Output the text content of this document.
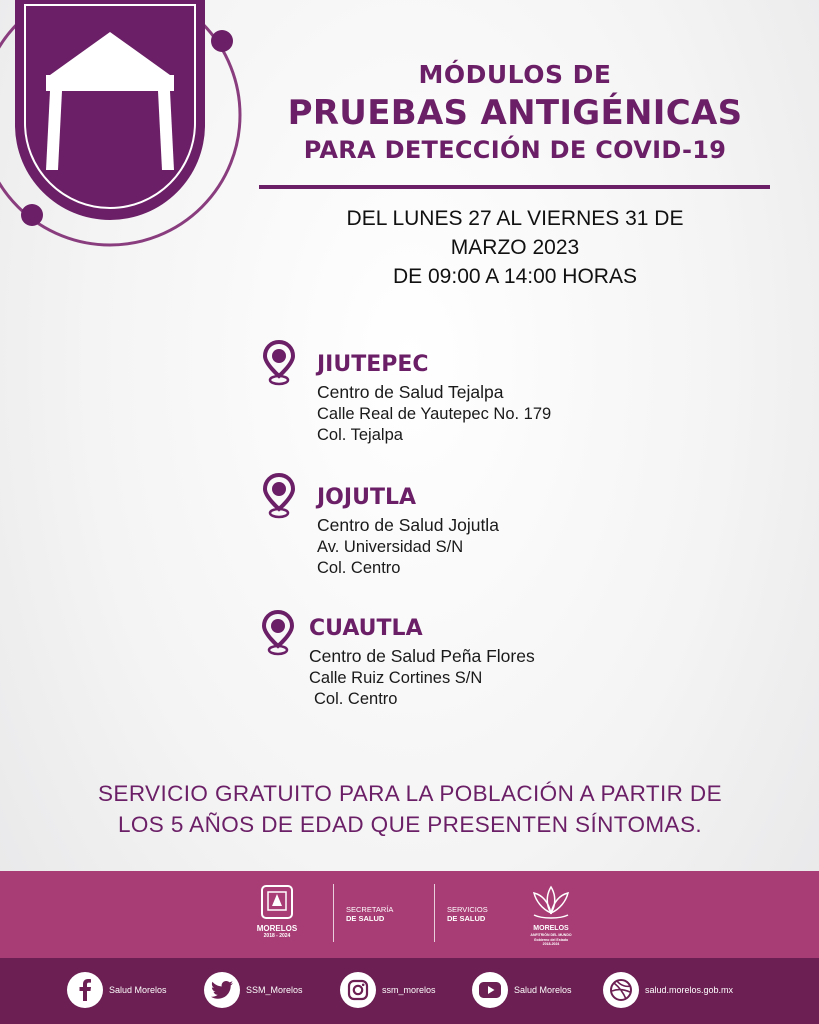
MÓDULOS DE
PRUEBAS ANTIGÉNICAS
PARA DETECCIÓN DE COVID-19
DEL LUNES 27 AL VIERNES 31 DE
MARZO 2023
DE 09:00 A 14:00 HORAS
JIUTEPEC
Centro de Salud Tejalpa
Calle Real de Yautepec No. 179
Col. Tejalpa
JOJUTLA
Centro de Salud Jojutla
Av. Universidad S/N
Col. Centro
CUAUTLA
Centro de Salud Peña Flores
Calle Ruiz Cortines S/N
Col. Centro
SERVICIO GRATUITO PARA LA POBLACIÓN A PARTIR DE
LOS 5 AÑOS DE EDAD QUE PRESENTEN SÍNTOMAS.
MORELOS
2018 - 2024
SECRETARÍA
DE SALUD
SERVICIOS
DE SALUD
MORELOS
ANFITRIÓN DEL MUNDO
Gobierno del Estado
2018-2024
Salud Morelos	SSM_Morelos	ssm_morelos	Salud Morelos	salud.morelos.gob.mx
